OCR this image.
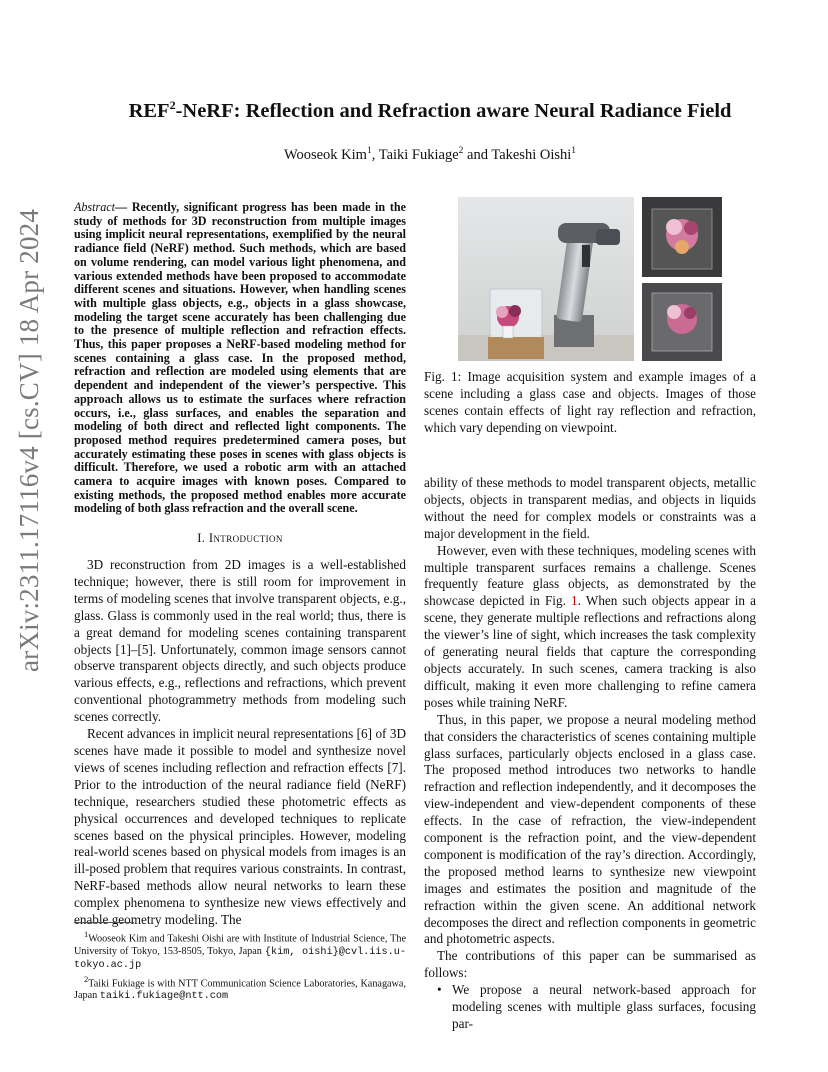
arXiv:2311.17116v4 [cs.CV] 18 Apr 2024
REF$^2$-NeRF: Reflection and Refraction aware Neural Radiance Field
Wooseok Kim$^1$, Taiki Fukiage$^2$ and Takeshi Oishi$^1$
Abstract— Recently, significant progress has been made in the study of methods for 3D reconstruction from multiple images using implicit neural representations, exemplified by the neural radiance field (NeRF) method. Such methods, which are based on volume rendering, can model various light phenomena, and various extended methods have been proposed to accommodate different scenes and situations. However, when handling scenes with multiple glass objects, e.g., objects in a glass showcase, modeling the target scene accurately has been challenging due to the presence of multiple reflection and refraction effects. Thus, this paper proposes a NeRF-based modeling method for scenes containing a glass case. In the proposed method, refraction and reflection are modeled using elements that are dependent and independent of the viewer’s perspective. This approach allows us to estimate the surfaces where refraction occurs, i.e., glass surfaces, and enables the separation and modeling of both direct and reflected light components. The proposed method requires predetermined camera poses, but accurately estimating these poses in scenes with glass objects is difficult. Therefore, we used a robotic arm with an attached camera to acquire images with known poses. Compared to existing methods, the proposed method enables more accurate modeling of both glass refraction and the overall scene.
I. Introduction

3D reconstruction from 2D images is a well-established technique; however, there is still room for improvement in terms of modeling scenes that involve transparent objects, e.g., glass. Glass is commonly used in the real world; thus, there is a great demand for modeling scenes containing transparent objects [1]–[5]. Unfortunately, common image sensors cannot observe transparent objects directly, and such objects produce various effects, e.g., reflections and refractions, which prevent conventional photogrammetry methods from modeling such scenes correctly.

Recent advances in implicit neural representations [6] of 3D scenes have made it possible to model and synthesize novel views of scenes including reflection and refraction effects [7]. Prior to the introduction of the neural radiance field (NeRF) technique, researchers studied these photometric effects as physical occurrences and developed techniques to replicate scenes based on the physical principles. However, modeling real-world scenes based on physical models from images is an ill-posed problem that requires various constraints. In contrast, NeRF-based methods allow neural networks to learn these complex phenomena to synthesize new views effectively and enable geometry modeling. The

$^1$Wooseok Kim and Takeshi Oishi are with Institute of Industrial Science, The University of Tokyo, 153-8505, Tokyo, Japan {kim, oishi}@cvl.iis.u-tokyo.ac.jp

$^2$Taiki Fukiage is with NTT Communication Science Laboratories, Kanagawa, Japan taiki.fukiage@ntt.com

Fig. 1: Image acquisition system and example images of a scene including a glass case and objects. Images of those scenes contain effects of light ray reflection and refraction, which vary depending on viewpoint.

ability of these methods to model transparent objects, metallic objects, objects in transparent medias, and objects in liquids without the need for complex models or constraints was a major development in the field.

However, even with these techniques, modeling scenes with multiple transparent surfaces remains a challenge. Scenes frequently feature glass objects, as demonstrated by the showcase depicted in Fig. 1. When such objects appear in a scene, they generate multiple reflections and refractions along the viewer’s line of sight, which increases the task complexity of generating neural fields that capture the corresponding objects accurately. In such scenes, camera tracking is also difficult, making it even more challenging to refine camera poses while training NeRF.

Thus, in this paper, we propose a neural modeling method that considers the characteristics of scenes containing multiple glass surfaces, particularly objects enclosed in a glass case. The proposed method introduces two networks to handle refraction and reflection independently, and it decomposes the view-independent and view-dependent components of these effects. In the case of refraction, the view-independent component is the refraction point, and the view-dependent component is modification of the ray’s direction. Accordingly, the proposed method learns to synthesize new viewpoint images and estimates the position and magnitude of the refraction within the given scene. An additional network decomposes the direct and reflection components in geometric and photometric aspects.

The contributions of this paper can be summarised as follows:

• We propose a neural network-based approach for modeling scenes with multiple glass surfaces, focusing par-
